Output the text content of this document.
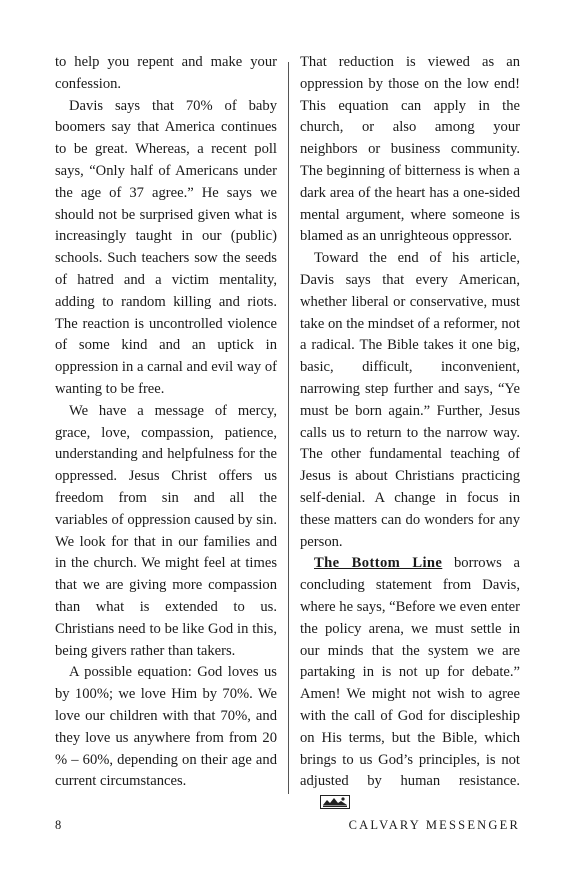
to help you repent and make your confession.

Davis says that 70% of baby boomers say that America continues to be great. Whereas, a recent poll says, “Only half of Americans under the age of 37 agree.” He says we should not be surprised given what is increasingly taught in our (public) schools. Such teachers sow the seeds of hatred and a victim mentality, adding to random killing and riots. The reaction is uncontrolled violence of some kind and an uptick in oppression in a carnal and evil way of wanting to be free.

We have a message of mercy, grace, love, compassion, patience, understanding and helpfulness for the oppressed. Jesus Christ offers us freedom from sin and all the variables of oppression caused by sin. We look for that in our families and in the church. We might feel at times that we are giving more compassion than what is extended to us. Christians need to be like God in this, being givers rather than takers.

A possible equation: God loves us by 100%; we love Him by 70%. We love our children with that 70%, and they love us anywhere from from 20 % – 60%, depending on their age and current circumstances.

That reduction is viewed as an oppression by those on the low end! This equation can apply in the church, or also among your neighbors or business community. The beginning of bitterness is when a dark area of the heart has a one-sided mental argument, where someone is blamed as an unrighteous oppressor.

Toward the end of his article, Davis says that every American, whether liberal or conservative, must take on the mindset of a reformer, not a radical. The Bible takes it one big, basic, difficult, inconvenient, narrowing step further and says, “Ye must be born again.” Further, Jesus calls us to return to the narrow way. The other fundamental teaching of Jesus is about Christians practicing self-denial. A change in focus in these matters can do wonders for any person.

The Bottom Line borrows a concluding statement from Davis, where he says, “Before we even enter the policy arena, we must settle in our minds that the system we are partaking in is not up for debate.” Amen! We might not wish to agree with the call of God for discipleship on His terms, but the Bible, which brings to us God’s principles, is not adjusted by human resistance.

8	CALVARY MESSENGER
